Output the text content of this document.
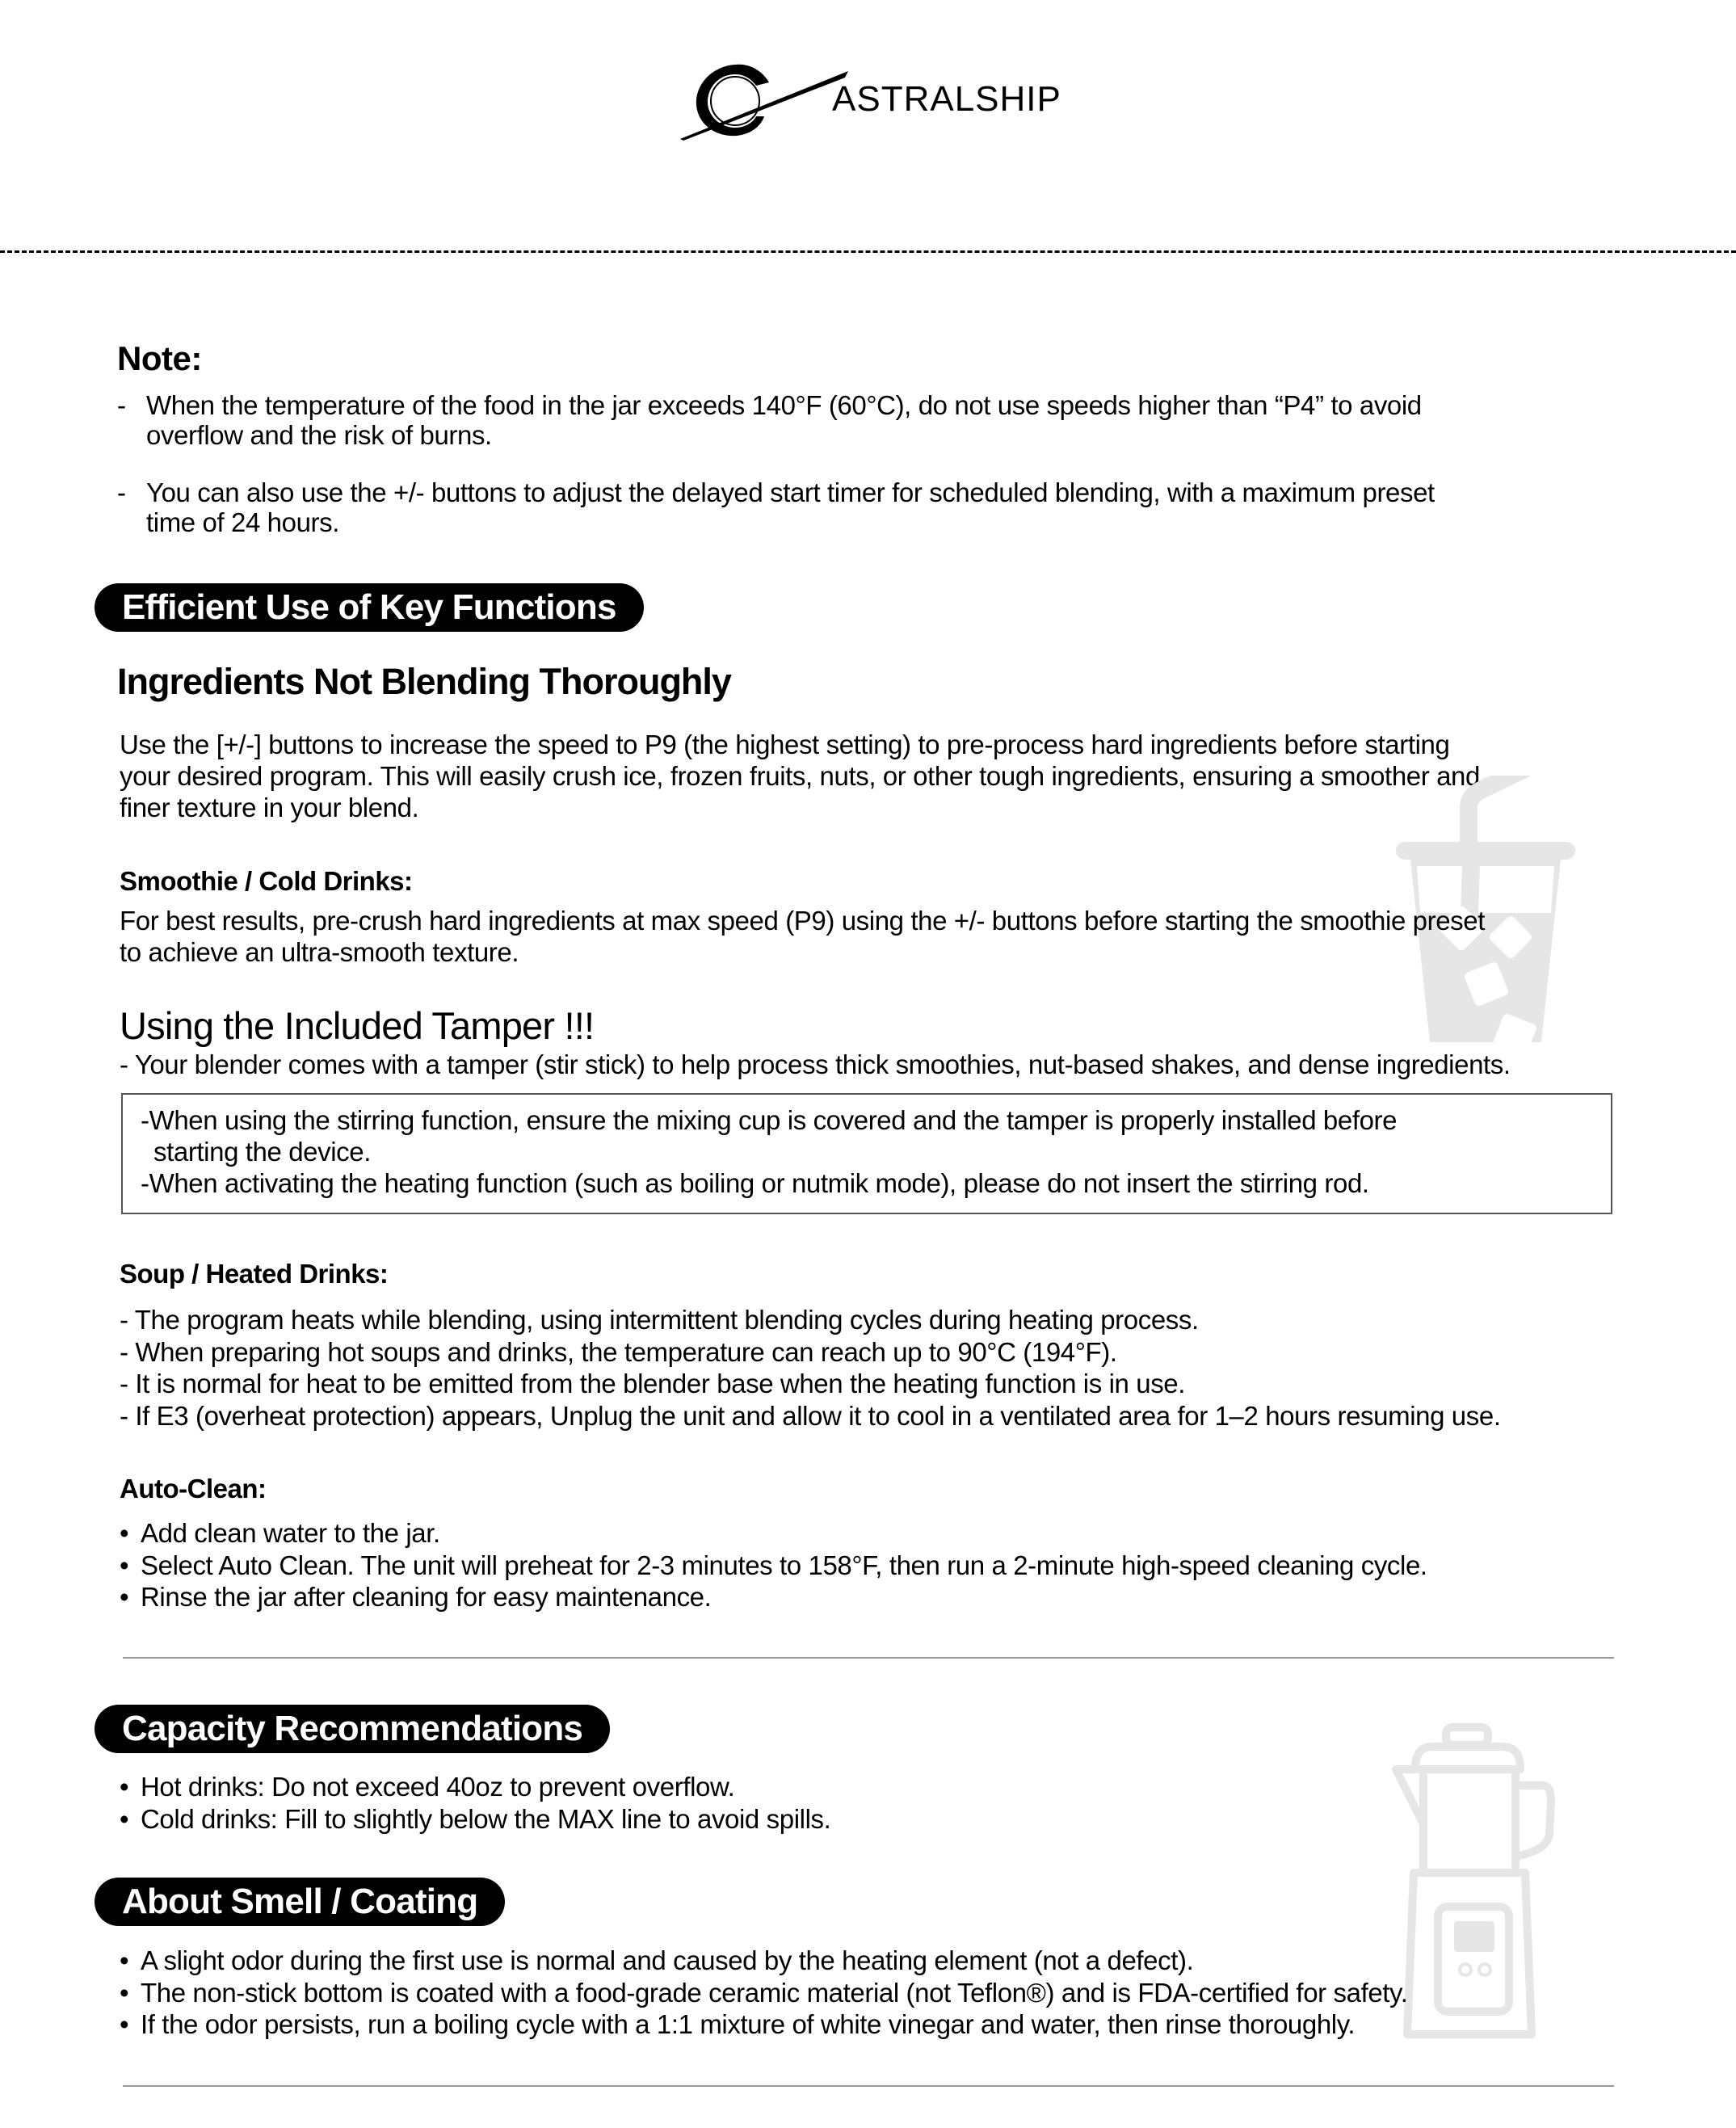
ASTRALSHIP
Note:
- When the temperature of the food in the jar exceeds 140°F (60°C), do not use speeds higher than “P4” to avoid
overflow and the risk of burns.
- You can also use the +/- buttons to adjust the delayed start timer for scheduled blending, with a maximum preset
time of 24 hours.
Efficient Use of Key Functions
Ingredients Not Blending Thoroughly
Use the [+/-] buttons to increase the speed to P9 (the highest setting) to pre-process hard ingredients before starting
your desired program. This will easily crush ice, frozen fruits, nuts, or other tough ingredients, ensuring a smoother and
finer texture in your blend.
Smoothie / Cold Drinks:
For best results, pre-crush hard ingredients at max speed (P9) using the +/- buttons before starting the smoothie preset
to achieve an ultra-smooth texture.
Using the Included Tamper !!!
- Your blender comes with a tamper (stir stick) to help process thick smoothies, nut-based shakes, and dense ingredients.
-When using the stirring function, ensure the mixing cup is covered and the tamper is properly installed before
starting the device.
-When activating the heating function (such as boiling or nutmik mode), please do not insert the stirring rod.
Soup / Heated Drinks:
- The program heats while blending, using intermittent blending cycles during heating process.
- When preparing hot soups and drinks, the temperature can reach up to 90°C (194°F).
- It is normal for heat to be emitted from the blender base when the heating function is in use.
- If E3 (overheat protection) appears, Unplug the unit and allow it to cool in a ventilated area for 1–2 hours resuming use.
Auto-Clean:
• Add clean water to the jar.
• Select Auto Clean. The unit will preheat for 2-3 minutes to 158°F, then run a 2-minute high-speed cleaning cycle.
• Rinse the jar after cleaning for easy maintenance.
Capacity Recommendations
• Hot drinks: Do not exceed 40oz to prevent overflow.
• Cold drinks: Fill to slightly below the MAX line to avoid spills.
About Smell / Coating
• A slight odor during the first use is normal and caused by the heating element (not a defect).
• The non-stick bottom is coated with a food-grade ceramic material (not Teflon®) and is FDA-certified for safety.
• If the odor persists, run a boiling cycle with a 1:1 mixture of white vinegar and water, then rinse thoroughly.
